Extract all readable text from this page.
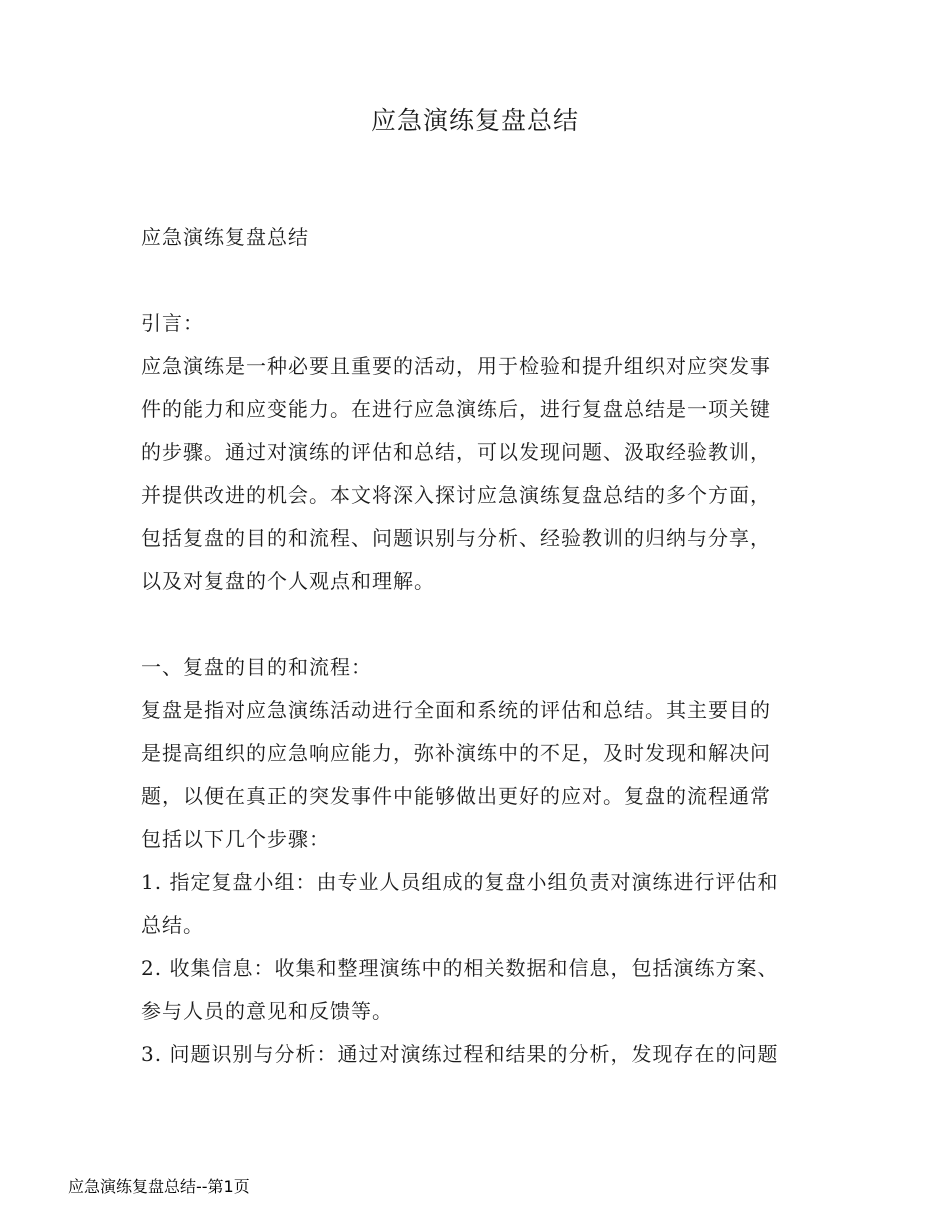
应急演练复盘总结
应急演练复盘总结
引言：
应急演练是一种必要且重要的活动，用于检验和提升组织对应突发事
件的能力和应变能力。在进行应急演练后，进行复盘总结是一项关键
的步骤。通过对演练的评估和总结，可以发现问题、汲取经验教训，
并提供改进的机会。本文将深入探讨应急演练复盘总结的多个方面，
包括复盘的目的和流程、问题识别与分析、经验教训的归纳与分享，
以及对复盘的个人观点和理解。
一、复盘的目的和流程：
复盘是指对应急演练活动进行全面和系统的评估和总结。其主要目的
是提高组织的应急响应能力，弥补演练中的不足，及时发现和解决问
题，以便在真正的突发事件中能够做出更好的应对。复盘的流程通常
包括以下几个步骤：
1. 指定复盘小组：由专业人员组成的复盘小组负责对演练进行评估和
总结。
2. 收集信息：收集和整理演练中的相关数据和信息，包括演练方案、
参与人员的意见和反馈等。
3. 问题识别与分析：通过对演练过程和结果的分析，发现存在的问题
应急演练复盘总结--第1页
